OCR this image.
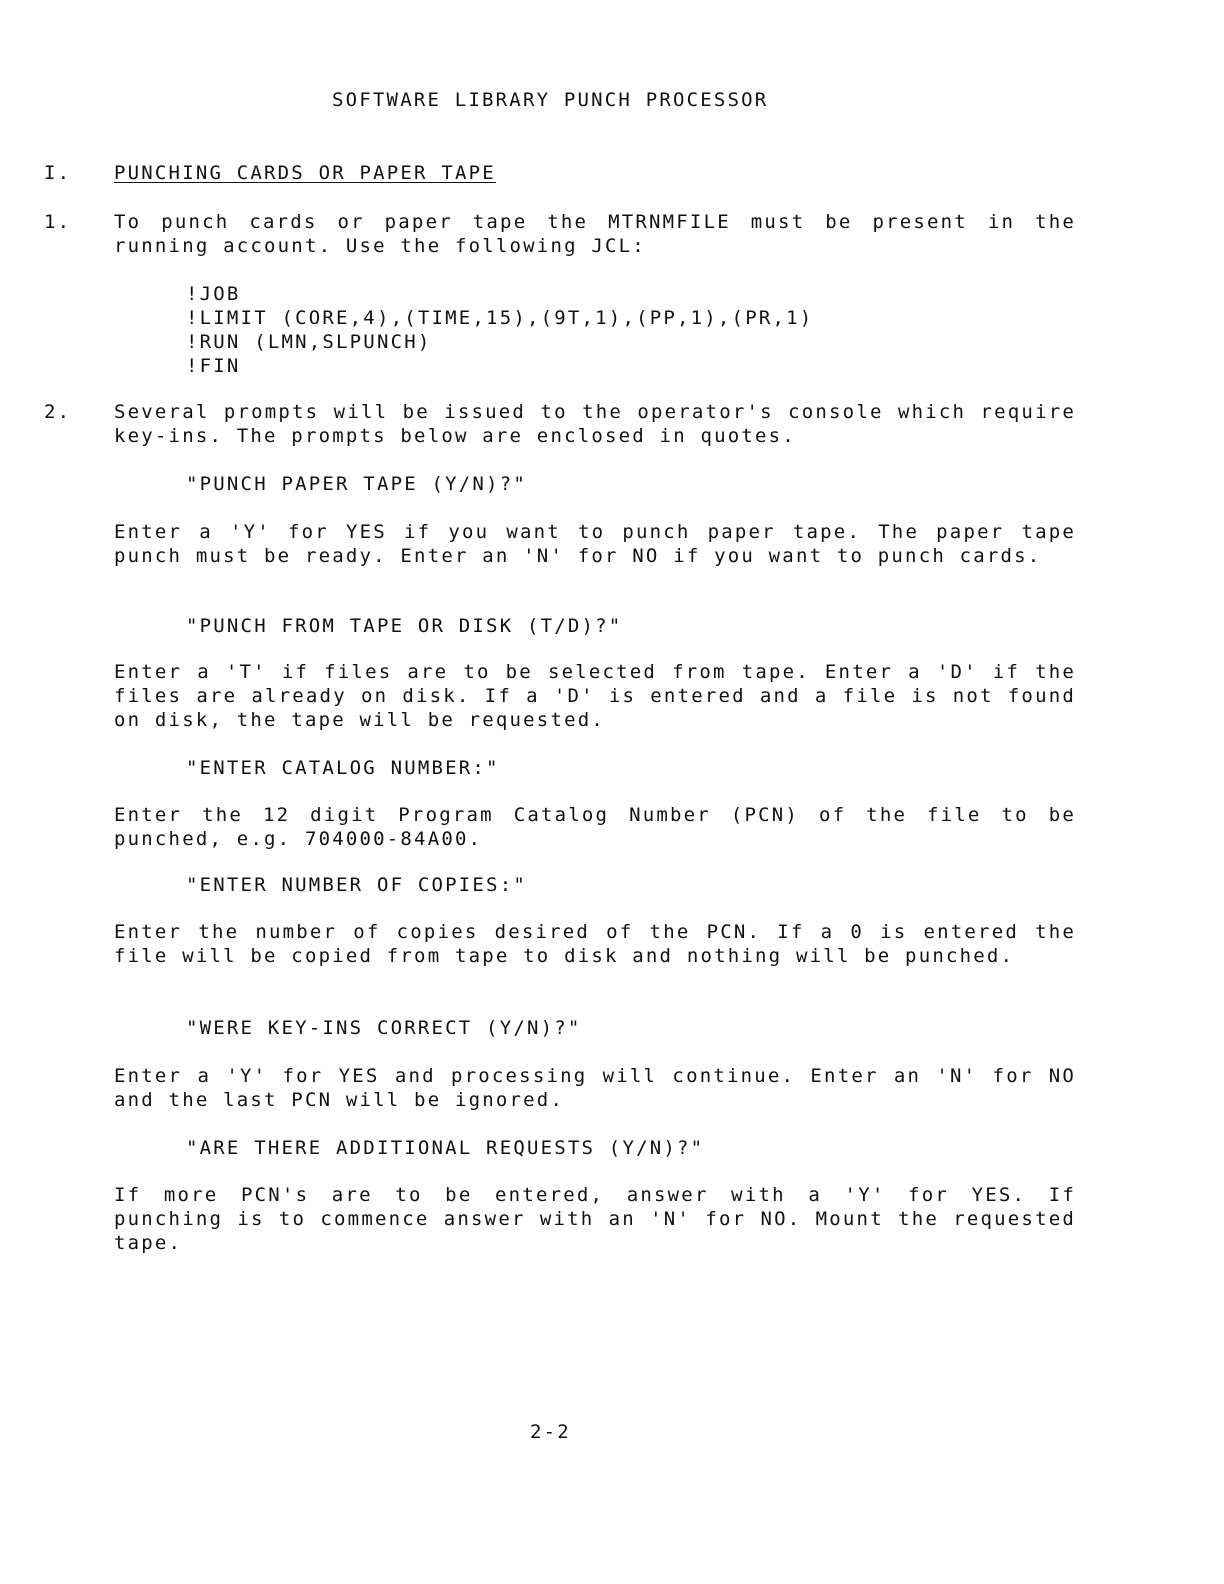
SOFTWARE LIBRARY PUNCH PROCESSOR
I. PUNCHING CARDS OR PAPER TAPE
1. To punch cards or paper tape the MTRNMFILE must be present in the running account. Use the following JCL:
!JOB
!LIMIT (CORE,4),(TIME,15),(9T,1),(PP,1),(PR,1)
!RUN (LMN,SLPUNCH)
!FIN
2. Several prompts will be issued to the operator's console which require key-ins. The prompts below are enclosed in quotes.
"PUNCH PAPER TAPE (Y/N)?"
Enter a 'Y' for YES if you want to punch paper tape. The paper tape punch must be ready. Enter an 'N' for NO if you want to punch cards.
"PUNCH FROM TAPE OR DISK (T/D)?"
Enter a 'T' if files are to be selected from tape. Enter a 'D' if the files are already on disk. If a 'D' is entered and a file is not found on disk, the tape will be requested.
"ENTER CATALOG NUMBER:"
Enter the 12 digit Program Catalog Number (PCN) of the file to be punched, e.g. 704000-84A00.
"ENTER NUMBER OF COPIES:"
Enter the number of copies desired of the PCN. If a 0 is entered the file will be copied from tape to disk and nothing will be punched.
"WERE KEY-INS CORRECT (Y/N)?"
Enter a 'Y' for YES and processing will continue. Enter an 'N' for NO and the last PCN will be ignored.
"ARE THERE ADDITIONAL REQUESTS (Y/N)?"
If more PCN's are to be entered, answer with a 'Y' for YES. If punching is to commence answer with an 'N' for NO. Mount the requested tape.
2-2
